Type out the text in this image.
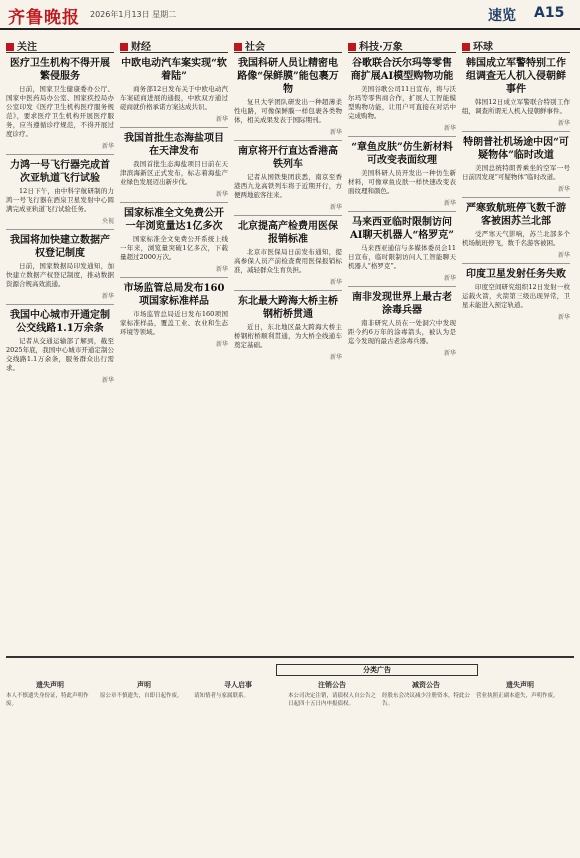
齐鲁晚报 2026年1月13日 星期二	速览 A15
关注
医疗卫生机构不得开展繁侵服务

日前，国家卫生健康委办公厅、国家中医药局办公室、国家疾控局办公室印发《医疗卫生机构医疗服务规范》，要求医疗卫生机构开展医疗服务，应当遵循诊疗规范，不得开展过度诊疗。

新华
力鸿一号飞行器完成首次亚轨道飞行试验

12日下午，由中科宇航研制的力鸿一号飞行器在酒泉卫星发射中心圆满完成亚轨道飞行试验任务。

央视
我国将加快建立数据产权登记制度

日前，国家数据局印发通知，加快建立数据产权登记制度，推动数据资源合规高效流通。

新华
我国中心城市开通定制公交线路1.1万余条

记者从交通运输部了解到，截至2025年底，我国中心城市开通定制公交线路1.1万余条，服务群众出行需求。

新华
财经
中欧电动汽车案实现“软着陆”

商务部12日发布关于中欧电动汽车案磋商进展的通报，中欧双方通过磋商就价格承诺方案达成共识。

新华
我国首批生态海盐项目在天津发布

我国首批生态海盐项目日前在天津滨海新区正式发布，标志着海盐产业绿色发展迈出新步伐。

新华
国家标准全文免费公开一年浏览量达1亿多次

国家标准全文免费公开系统上线一年来，浏览量突破1亿多次，下载量超过2000万次。

新华
市场监管总局发布160项国家标准样品

市场监管总局近日发布160项国家标准样品，覆盖工业、农业和生态环境等领域。

新华
社会
我国科研人员让精密电路像“保鲜膜”能包裹万物

复旦大学团队研发出一种超薄柔性电路，可像保鲜膜一样包裹各类物体，相关成果发表于国际期刊。

新华
南京将开行直达香港高铁列车

记者从国铁集团获悉，南京至香港西九龙高铁列车将于近期开行，方便两地旅客往来。

新华
北京提高产检费用医保报销标准

北京市医保局日前发布通知，提高参保人员产前检查费用医保报销标准，减轻群众生育负担。

新华
东北最大跨海大桥主桥钢桁桥贯通

近日，东北地区最大跨海大桥主桥钢桁桥顺利贯通，为大桥全线通车奠定基础。

新华
科技·万象
谷歌联合沃尔玛等零售商扩展AI模型购物功能

美国谷歌公司11日宣布，将与沃尔玛等零售商合作，扩展人工智能模型购物功能，让用户可直接在对话中完成购物。

新华
“章鱼皮肤”仿生新材料可改变表面纹理

美国科研人员开发出一种仿生新材料，可像章鱼皮肤一样快速改变表面纹理和颜色。

新华
马来西亚临时限制访问AI聊天机器人“格罗克”

马来西亚通信与多媒体委员会11日宣布，临时限制访问人工智能聊天机器人“格罗克”。

新华
南非发现世界上最古老涂毒兵器

南非研究人员在一处洞穴中发现距今约6万年的涂毒箭头，被认为是迄今发现的最古老涂毒兵器。

新华
环球
韩国成立军警特别工作组调查无人机入侵朝鲜事件

韩国12日成立军警联合特别工作组，调查所谓无人机入侵朝鲜事件。

新华
特朗普社机场途中因“可疑物体”临时改道

美国总统特朗普乘坐的空军一号日前因发现“可疑物体”临时改道。

新华
严寒致航班停飞数千游客被困苏兰北部

受严寒天气影响，苏兰北部多个机场航班停飞，数千名游客被困。

新华
印度卫星发射任务失败

印度空间研究组织12日发射一枚运载火箭，火箭第三级出现异常，卫星未能进入预定轨道。

新华
分类广告
遗失声明
本人不慎遗失身份证，特此声明作废。
声明
原公章不慎遗失，自即日起作废。
寻人启事
请知情者与家属联系。
注销公告
本公司决定注销，请债权人自公告之日起四十五日内申报债权。
减资公告
经股东会决议减少注册资本，特此公告。
遗失声明
营业执照正副本遗失，声明作废。
